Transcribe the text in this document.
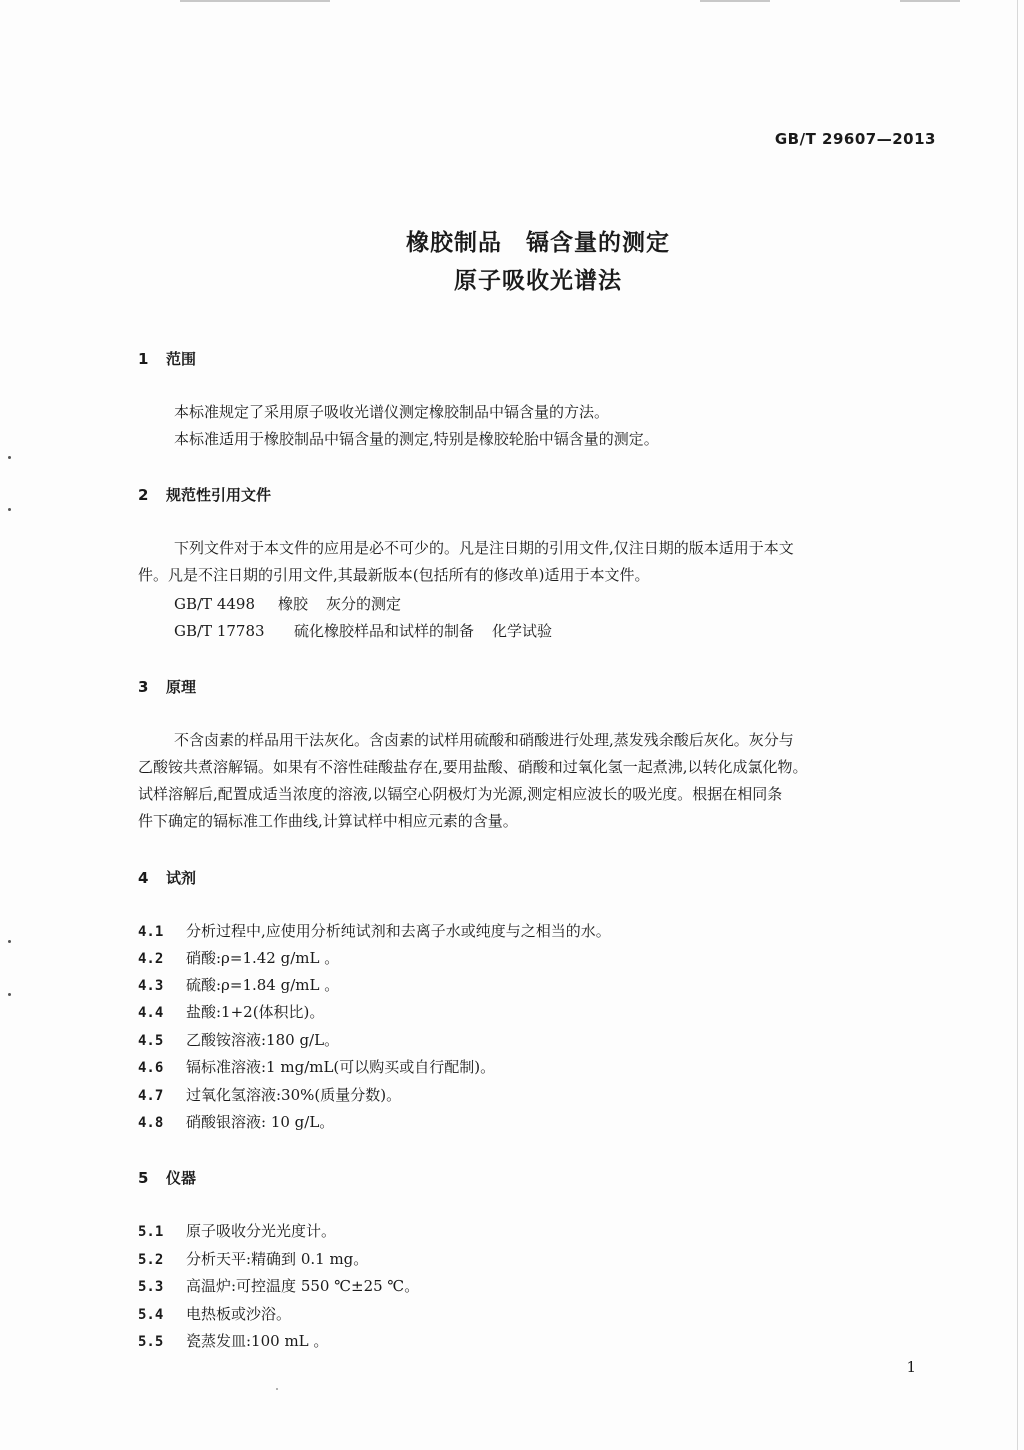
GB/T 29607—2013
橡胶制品 镉含量的测定
原子吸收光谱法
1 范围
本标准规定了采用原子吸收光谱仪测定橡胶制品中镉含量的方法。
本标准适用于橡胶制品中镉含量的测定,特别是橡胶轮胎中镉含量的测定。
2 规范性引用文件
下列文件对于本文件的应用是必不可少的。凡是注日期的引用文件,仅注日期的版本适用于本文
件。凡是不注日期的引用文件,其最新版本(包括所有的修改单)适用于本文件。
GB/T 4498 橡胶 灰分的测定
GB/T 17783 硫化橡胶样品和试样的制备 化学试验
3 原理
不含卤素的样品用干法灰化。含卤素的试样用硫酸和硝酸进行处理,蒸发残余酸后灰化。灰分与
乙酸铵共煮溶解镉。如果有不溶性硅酸盐存在,要用盐酸、硝酸和过氧化氢一起煮沸,以转化成氯化物。
试样溶解后,配置成适当浓度的溶液,以镉空心阴极灯为光源,测定相应波长的吸光度。根据在相同条
件下确定的镉标准工作曲线,计算试样中相应元素的含量。
4 试剂
4.1 分析过程中,应使用分析纯试剂和去离子水或纯度与之相当的水。
4.2 硝酸:ρ=1.42 g/mL 。
4.3 硫酸:ρ=1.84 g/mL 。
4.4 盐酸:1+2(体积比)。
4.5 乙酸铵溶液:180 g/L。
4.6 镉标准溶液:1 mg/mL(可以购买或自行配制)。
4.7 过氧化氢溶液:30%(质量分数)。
4.8 硝酸银溶液: 10 g/L。
5 仪器
5.1 原子吸收分光光度计。
5.2 分析天平:精确到 0.1 mg。
5.3 高温炉:可控温度 550 ℃±25 ℃。
5.4 电热板或沙浴。
5.5 瓷蒸发皿:100 mL 。
1
